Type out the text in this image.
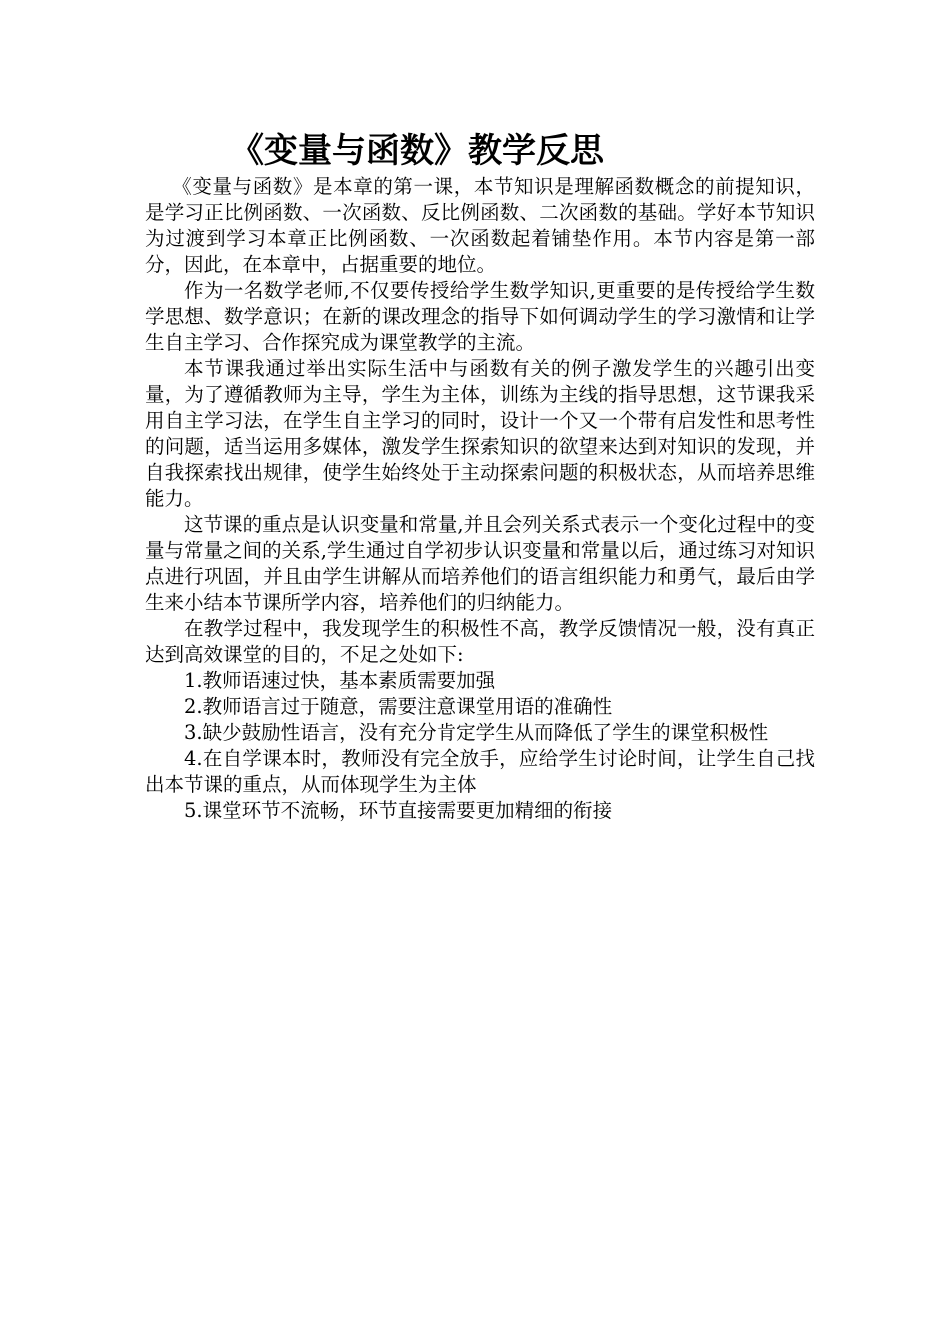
《变量与函数》教学反思

《变量与函数》是本章的第一课，本节知识是理解函数概念的前提知识，是学习正比例函数、一次函数、反比例函数、二次函数的基础。学好本节知识为过渡到学习本章正比例函数、一次函数起着铺垫作用。本节内容是第一部分，因此，在本章中，占据重要的地位。

作为一名数学老师,不仅要传授给学生数学知识,更重要的是传授给学生数学思想、数学意识；在新的课改理念的指导下如何调动学生的学习激情和让学生自主学习、合作探究成为课堂教学的主流。

本节课我通过举出实际生活中与函数有关的例子激发学生的兴趣引出变量，为了遵循教师为主导，学生为主体，训练为主线的指导思想，这节课我采用自主学习法，在学生自主学习的同时，设计一个又一个带有启发性和思考性的问题，适当运用多媒体，激发学生探索知识的欲望来达到对知识的发现，并自我探索找出规律，使学生始终处于主动探索问题的积极状态，从而培养思维能力。

这节课的重点是认识变量和常量,并且会列关系式表示一个变化过程中的变量与常量之间的关系,学生通过自学初步认识变量和常量以后，通过练习对知识点进行巩固，并且由学生讲解从而培养他们的语言组织能力和勇气，最后由学生来小结本节课所学内容，培养他们的归纳能力。

在教学过程中，我发现学生的积极性不高，教学反馈情况一般，没有真正达到高效课堂的目的，不足之处如下:

1.教师语速过快，基本素质需要加强

2.教师语言过于随意，需要注意课堂用语的准确性

3.缺少鼓励性语言，没有充分肯定学生从而降低了学生的课堂积极性

4.在自学课本时，教师没有完全放手，应给学生讨论时间，让学生自己找出本节课的重点，从而体现学生为主体

5.课堂环节不流畅，环节直接需要更加精细的衔接
